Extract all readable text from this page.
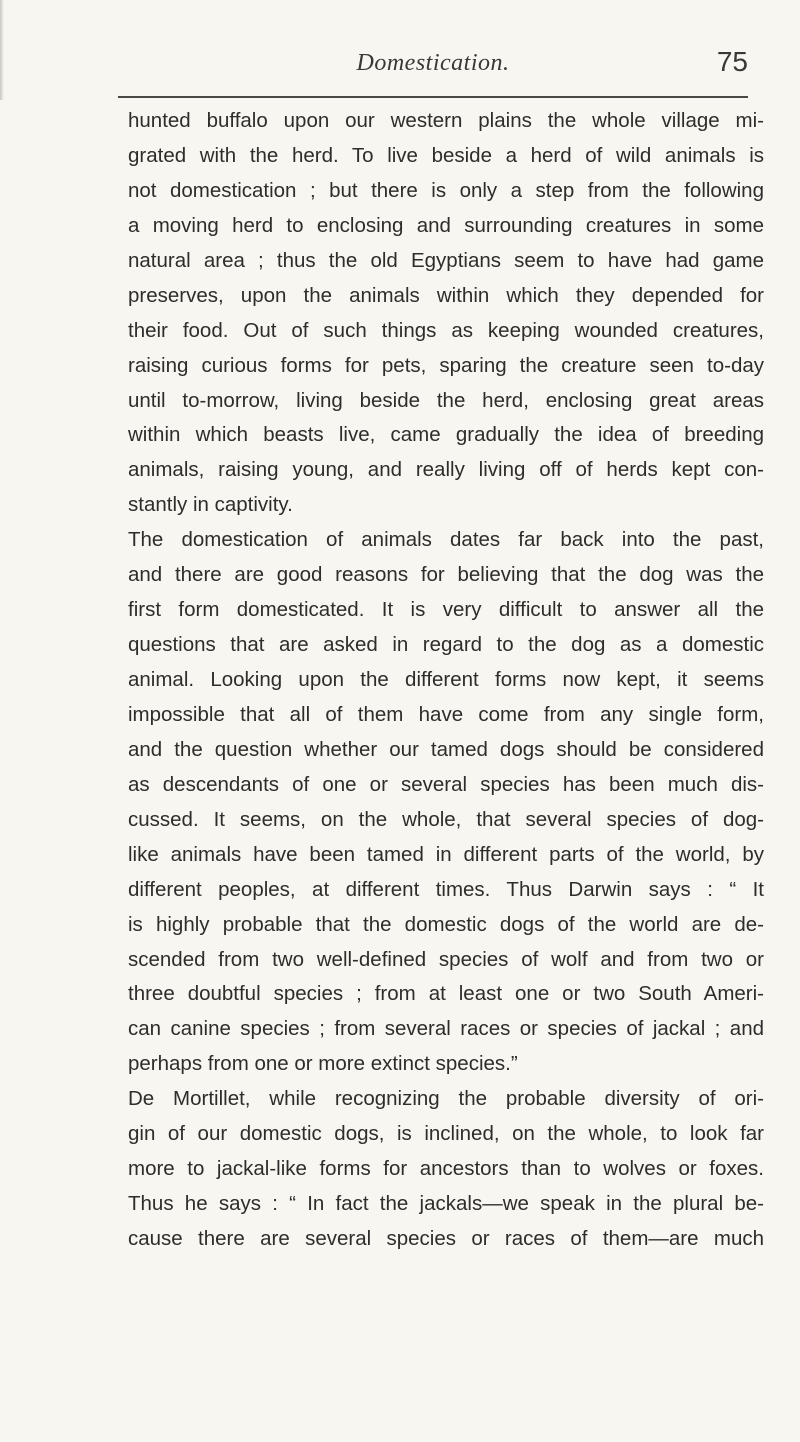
Domestication.	75
hunted buffalo upon our western plains the whole village mi-
grated with the herd. To live beside a herd of wild animals is
not domestication ; but there is only a step from the following
a moving herd to enclosing and surrounding creatures in some
natural area ; thus the old Egyptians seem to have had game
preserves, upon the animals within which they depended for
their food. Out of such things as keeping wounded creatures,
raising curious forms for pets, sparing the creature seen to-day
until to-morrow, living beside the herd, enclosing great areas
within which beasts live, came gradually the idea of breeding
animals, raising young, and really living off of herds kept con-
stantly in captivity.
The domestication of animals dates far back into the past,
and there are good reasons for believing that the dog was the
first form domesticated. It is very difficult to answer all the
questions that are asked in regard to the dog as a domestic
animal. Looking upon the different forms now kept, it seems
impossible that all of them have come from any single form,
and the question whether our tamed dogs should be considered
as descendants of one or several species has been much dis-
cussed. It seems, on the whole, that several species of dog-
like animals have been tamed in different parts of the world, by
different peoples, at different times. Thus Darwin says : “ It
is highly probable that the domestic dogs of the world are de-
scended from two well-defined species of wolf and from two or
three doubtful species ; from at least one or two South Ameri-
can canine species ; from several races or species of jackal ; and
perhaps from one or more extinct species.”
De Mortillet, while recognizing the probable diversity of ori-
gin of our domestic dogs, is inclined, on the whole, to look far
more to jackal-like forms for ancestors than to wolves or foxes.
Thus he says : “ In fact the jackals—we speak in the plural be-
cause there are several species or races of them—are much
